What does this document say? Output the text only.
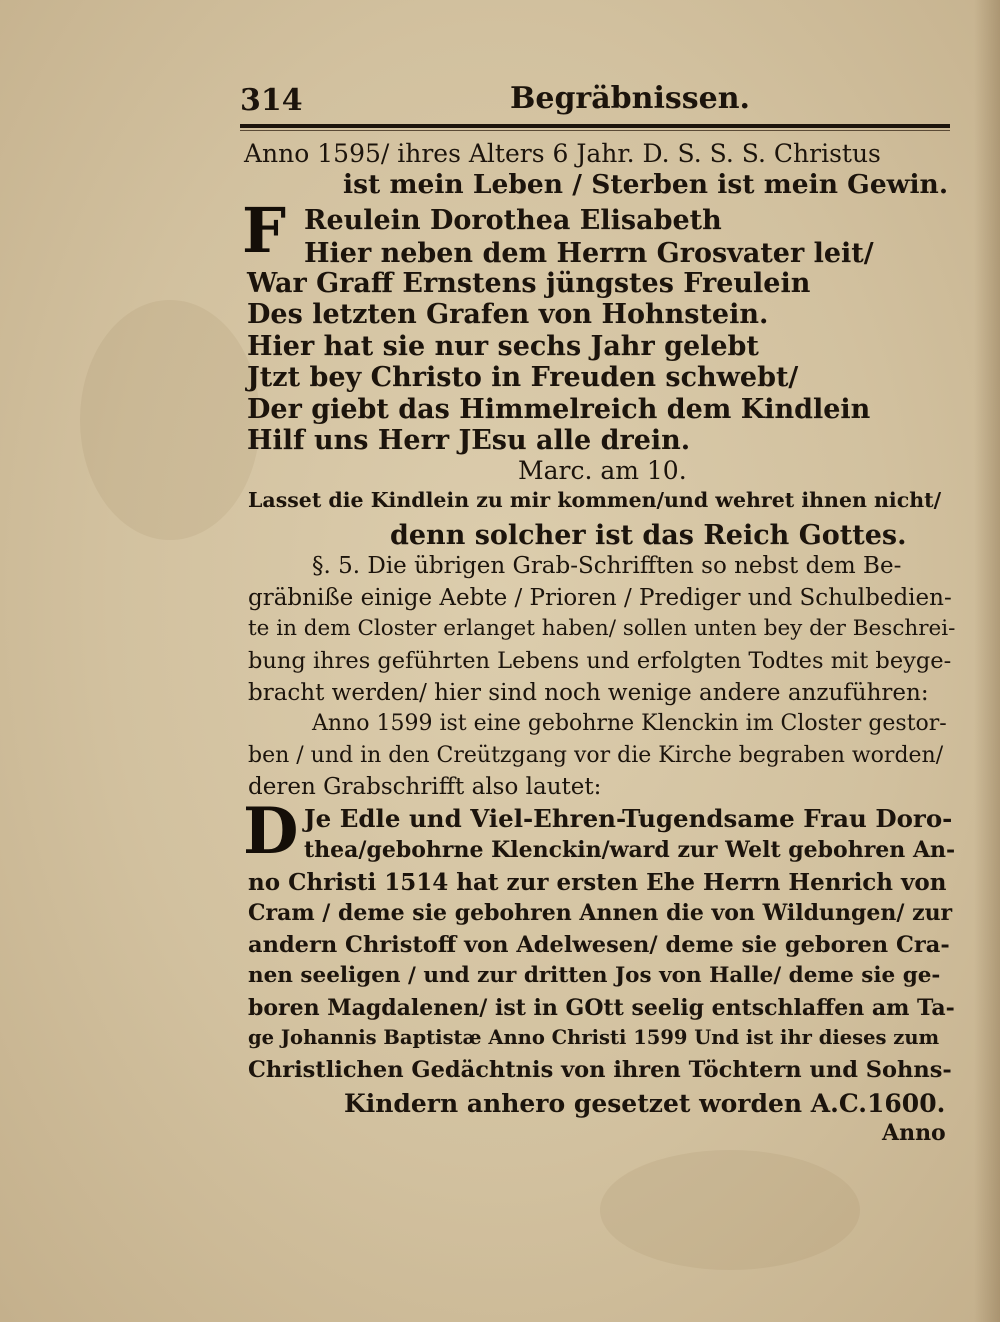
314	Begräbnissen.
Anno 1595/ ihres Alters 6 Jahr. D. S. S. S. Christus
ist mein Leben / Sterben ist mein Gewin.
F Reulein Dorothea Elisabeth
Hier neben dem Herrn Grosvater leit/
War Graff Ernstens jüngstes Freulein
Des letzten Grafen von Hohnstein.
Hier hat sie nur sechs Jahr gelebt
Jtzt bey Christo in Freuden schwebt/
Der giebt das Himmelreich dem Kindlein
Hilf uns Herr JEsu alle drein.
Marc. am 10.
Lasset die Kindlein zu mir kommen/und wehret ihnen nicht/
denn solcher ist das Reich Gottes.
§. 5. Die übrigen Grab-Schrifften so nebst dem Be-
gräbniße einige Aebte / Prioren / Prediger und Schulbedien-
te in dem Closter erlanget haben/ sollen unten bey der Beschrei-
bung ihres geführten Lebens und erfolgten Todtes mit beyge-
bracht werden/ hier sind noch wenige andere anzuführen:
Anno 1599 ist eine gebohrne Klenckin im Closter gestor-
ben / und in den Creützgang vor die Kirche begraben worden/
deren Grabschrifft also lautet:
D Je Edle und Viel-Ehren-Tugendsame Frau Doro-
thea/gebohrne Klenckin/ward zur Welt gebohren An-
no Christi 1514 hat zur ersten Ehe Herrn Henrich von
Cram / deme sie gebohren Annen die von Wildungen/ zur
andern Christoff von Adelwesen/ deme sie geboren Cra-
nen seeligen / und zur dritten Jos von Halle/ deme sie ge-
boren Magdalenen/ ist in GOtt seelig entschlaffen am Ta-
ge Johannis Baptistæ Anno Christi 1599 Und ist ihr dieses zum
Christlichen Gedächtnis von ihren Töchtern und Sohns-
Kindern anhero gesetzet worden A.C.1600.
Anno
